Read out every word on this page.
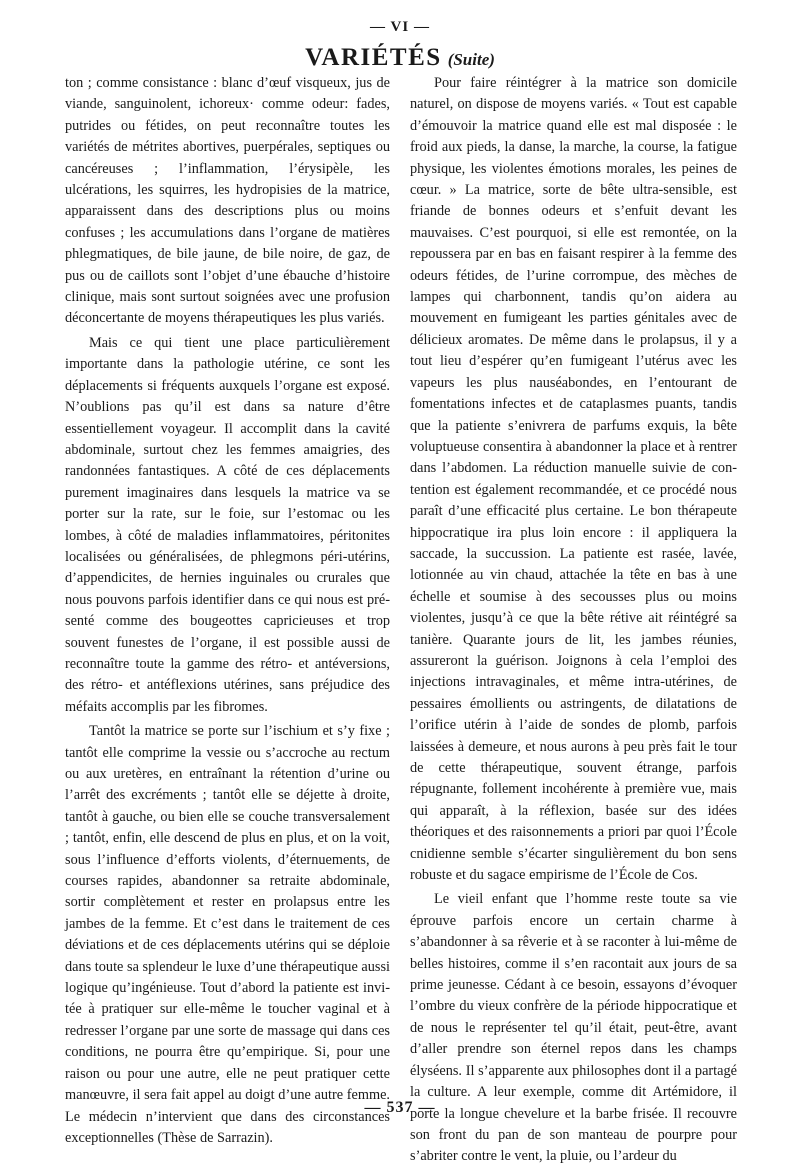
— VI —
VARIÉTÉS (Suite)

ton ; comme consistance : blanc d’œuf visqueux, jus de viande, sanguinolent, ichoreux· comme odeur: fades, putrides ou fétides, on peut reconnaître toutes les variétés de métrites abortives, puerpérales, septiques ou cancéreuses ; l’inflammation, l’érysipèle, les ulcérations, les squirres, les hydropisies de la matrice, apparaissent dans des descriptions plus ou moins confuses ; les accumulations dans l’organe de matières phlegmatiques, de bile jaune, de bile noire, de gaz, de pus ou de caillots sont l’objet d’une ébauche d’histoire clinique, mais sont surtout soignées avec une profusion déconcertante de moyens thérapeutiques les plus variés.

Mais ce qui tient une place particulièrement importante dans la pathologie utérine, ce sont les déplacements si fréquents auxquels l’organe est exposé. N’oublions pas qu’il est dans sa nature d’être essentiellement voyageur. Il accomplit dans la cavité abdominale, surtout chez les femmes amaigries, des randonnées fantastiques. A côté de ces déplacements purement imaginaires dans lesquels la matrice va se porter sur la rate, sur le foie, sur l’estomac ou les lombes, à côté de maladies inflammatoires, péritonites localisées ou généralisées, de phlegmons péri-utérins, d’appendicites, de hernies inguinales ou crurales que nous pouvons parfois identifier dans ce qui nous est présenté comme des bougeottes capricieuses et trop souvent funestes de l’organe, il est possible aussi de reconnaître toute la gamme des rétro- et antéversions, des rétro- et antéflexions utérines, sans préjudice des méfaits accomplis par les fibromes.

Tantôt la matrice se porte sur l’ischium et s’y fixe ; tantôt elle comprime la vessie ou s’accroche au rectum ou aux uretères, en entraînant la rétention d’urine ou l’arrêt des excréments ; tantôt elle se déjette à droite, tantôt à gauche, ou bien elle se couche transversalement ; tantôt, enfin, elle descend de plus en plus, et on la voit, sous l’influence d’efforts violents, d’éternuements, de courses rapides, abandonner sa retraite abdominale, sortir complètement et rester en prolapsus entre les jambes de la femme. Et c’est dans le traitement de ces déviations et de ces déplacements utérins qui se déploie dans toute sa splendeur le luxe d’une thérapeutique aussi logique qu’ingénieuse. Tout d’abord la patiente est invitée à pratiquer sur elle-même le toucher vaginal et à redresser l’organe par une sorte de massage qui dans ces conditions, ne pourra être qu’empirique. Si, pour une raison ou pour une autre, elle ne peut pratiquer cette manœuvre, il sera fait appel au doigt d’une autre femme. Le médecin n’intervient que dans des circonstances exceptionnelles (Thèse de Sarrazin).

Pour faire réintégrer à la matrice son domicile naturel, on dispose de moyens variés. « Tout est capable d’émouvoir la matrice quand elle est mal disposée : le froid aux pieds, la danse, la marche, la course, la fatigue physique, les violentes émotions morales, les peines de cœur. » La matrice, sorte de bête ultra-sensible, est friande de bonnes odeurs et s’enfuit devant les mauvaises. C’est pourquoi, si elle est remontée, on la repoussera par en bas en faisant respirer à la femme des odeurs fétides, de l’urine corrompue, des mèches de lampes qui charbonnent, tandis qu’on aidera au mouvement en fumigeant les parties génitales avec de délicieux aromates. De même dans le prolapsus, il y a tout lieu d’espérer qu’en fumigeant l’utérus avec les vapeurs les plus nauséabondes, en l’entourant de fomentations infectes et de cataplasmes puants, tandis que la patiente s’enivrera de parfums exquis, la bête voluptueuse consentira à abandonner la place et à rentrer dans l’abdomen. La réduction manuelle suivie de contention est également recommandée, et ce procédé nous paraît d’une efficacité plus certaine. Le bon thérapeute hippocratique ira plus loin encore : il appliquera la saccade, la succussion. La patiente est rasée, lavée, lotionnée au vin chaud, attachée la tête en bas à une échelle et soumise à des secousses plus ou moins violentes, jusqu’à ce que la bête rétive ait réintégré sa tanière. Quarante jours de lit, les jambes réunies, assureront la guérison. Joignons à cela l’emploi des injections intravaginales, et même intra-utérines, de pessaires émollients ou astringents, de dilatations de l’orifice utérin à l’aide de sondes de plomb, parfois laissées à demeure, et nous aurons à peu près fait le tour de cette thérapeutique, souvent étrange, parfois répugnante, follement incohérente à première vue, mais qui apparaît, à la réflexion, basée sur des idées théoriques et des raisonnements a priori par quoi l’École cnidienne semble s’écarter singulièrement du bon sens robuste et du sagace empirisme de l’École de Cos.

Le vieil enfant que l’homme reste toute sa vie éprouve parfois encore un certain charme à s’abandonner à sa rêverie et à se raconter à lui-même de belles histoires, comme il s’en racontait aux jours de sa prime jeunesse. Cédant à ce besoin, essayons d’évoquer l’ombre du vieux confrère de la période hippocratique et de nous le représenter tel qu’il était, peut-être, avant d’aller prendre son éternel repos dans les champs élyséens. Il s’apparente aux philosophes dont il a partagé la culture. A leur exemple, comme dit Artémidore, il porte la longue chevelure et la barbe frisée. Il recouvre son front du pan de son manteau de pourpre pour s’abriter contre le vent, la pluie, ou l’ardeur du

— 537 —
